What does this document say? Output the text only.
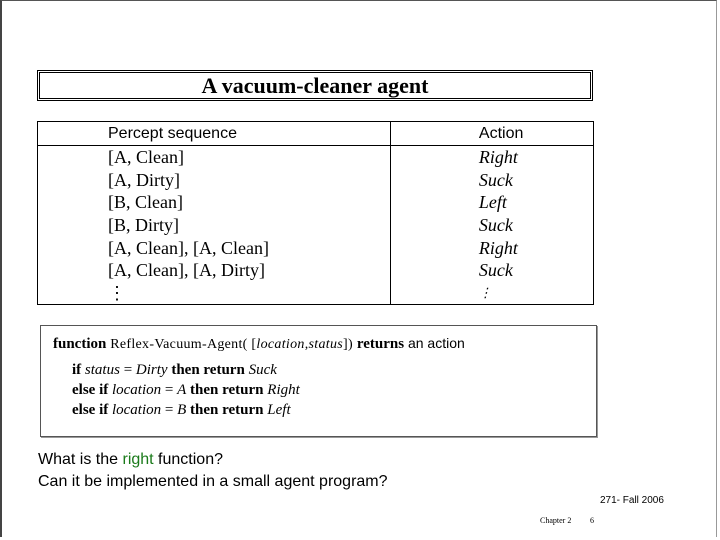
A vacuum-cleaner agent
Percept sequence	Action
[A, Clean]	Right
[A, Dirty]	Suck
[B, Clean]	Left
[B, Dirty]	Suck
[A, Clean], [A, Clean]	Right
[A, Clean], [A, Dirty]	Suck
⋮	⋮
function Reflex-Vacuum-Agent( [location,status]) returns an action
if status = Dirty then return Suck
else if location = A then return Right
else if location = B then return Left
What is the right function?
Can it be implemented in a small agent program?
271- Fall 2006
Chapter 2 6
